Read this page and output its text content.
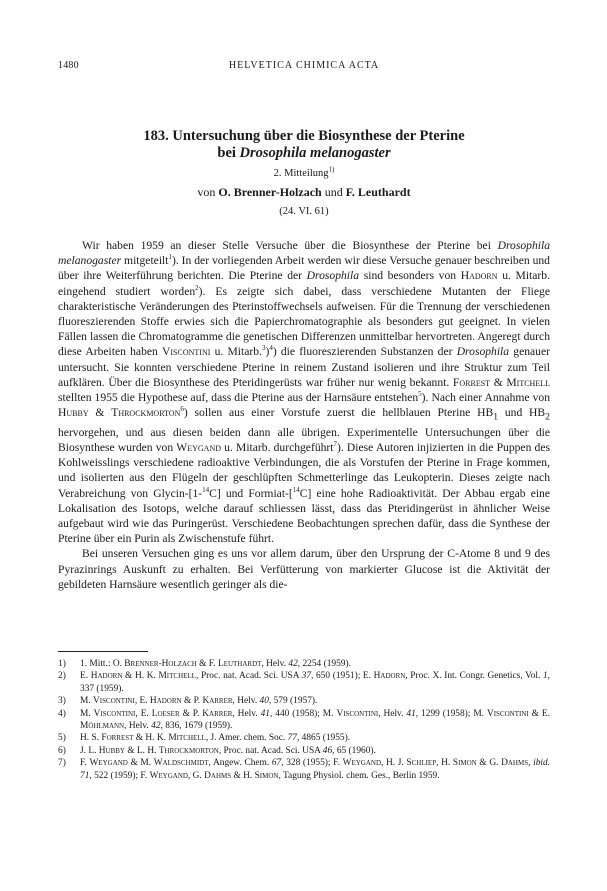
1480	HELVETICA CHIMICA ACTA
183. Untersuchung über die Biosynthese der Pterine
bei Drosophila melanogaster
2. Mitteilung$^{1)}$
von O. Brenner-Holzach und F. Leuthardt
(24. VI. 61)

Wir haben 1959 an dieser Stelle Versuche über die Biosynthese der Pterine bei Drosophila melanogaster mitgeteilt$^1$). In der vorliegenden Arbeit werden wir diese Versuche genauer beschreiben und über ihre Weiterführung berichten. Die Pterine der Drosophila sind besonders von Hadorn u. Mitarb. eingehend studiert worden$^2$). Es zeigte sich dabei, dass verschiedene Mutanten der Fliege charakteristische Veränderungen des Pterinstoffwechsels aufweisen. Für die Trennung der verschiedenen fluoreszierenden Stoffe erwies sich die Papierchromatographie als besonders gut geeignet. In vielen Fällen lassen die Chromatogramme die genetischen Differenzen unmittelbar hervortreten. Angeregt durch diese Arbeiten haben Viscontini u. Mitarb.$^3$)$^4$) die fluoreszierenden Substanzen der Drosophila genauer untersucht. Sie konnten verschiedene Pterine in reinem Zustand isolieren und ihre Struktur zum Teil aufklären. Über die Biosynthese des Pteridingerüsts war früher nur wenig bekannt. Forrest & Mitchell stellten 1955 die Hypothese auf, dass die Pterine aus der Harnsäure entstehen$^5$). Nach einer Annahme von Hubby & Throckmorton$^6$) sollen aus einer Vorstufe zuerst die hellblauen Pterine $HB_1$ und $HB_2$ hervorgehen, und aus diesen beiden dann alle übrigen. Experimentelle Untersuchungen über die Biosynthese wurden von Weygand u. Mitarb. durchgeführt$^7$). Diese Autoren injizierten in die Puppen des Kohlweisslings verschiedene radioaktive Verbindungen, die als Vorstufen der Pterine in Frage kommen, und isolierten aus den Flügeln der geschlüpften Schmetterlinge das Leukopterin. Dieses zeigte nach Verabreichung von Glycin-[1-$^{14}$C] und Formiat-[$^{14}$C] eine hohe Radioaktivität. Der Abbau ergab eine Lokalisation des Isotops, welche darauf schliessen lässt, dass das Pteridingerüst in ähnlicher Weise aufgebaut wird wie das Puringerüst. Verschiedene Beobachtungen sprechen dafür, dass die Synthese der Pterine über ein Purin als Zwischenstufe führt.

Bei unseren Versuchen ging es uns vor allem darum, über den Ursprung der C-Atome 8 und 9 des Pyrazinrings Auskunft zu erhalten. Bei Verfütterung von markierter Glucose ist die Aktivität der gebildeten Harnsäure wesentlich geringer als die-

1) 1. Mitt.: O. Brenner-Holzach & F. Leuthardt, Helv. 42, 2254 (1959).
2) E. Hadorn & H. K. Mitchell, Proc. nat. Acad. Sci. USA 37, 650 (1951); E. Hadorn, Proc. X. Int. Congr. Genetics, Vol. 1, 337 (1959).
3) M. Viscontini, E. Hadorn & P. Karrer, Helv. 40, 579 (1957).
4) M. Viscontini, E. Loeser & P. Karrer, Helv. 41, 440 (1958); M. Viscontini, Helv. 41, 1299 (1958); M. Viscontini & E. Möhlmann, Helv. 42, 836, 1679 (1959).
5) H. S. Forrest & H. K. Mitchell, J. Amer. chem. Soc. 77, 4865 (1955).
6) J. L. Hubby & L. H. Throckmorton, Proc. nat. Acad. Sci. USA 46, 65 (1960).
7) F. Weygand & M. Waldschmidt, Angew. Chem. 67, 328 (1955); F. Weygand, H. J. Schliep, H. Simon & G. Dahms, ibid. 71, 522 (1959); F. Weygand, G. Dahms & H. Simon, Tagung Physiol. chem. Ges., Berlin 1959.
